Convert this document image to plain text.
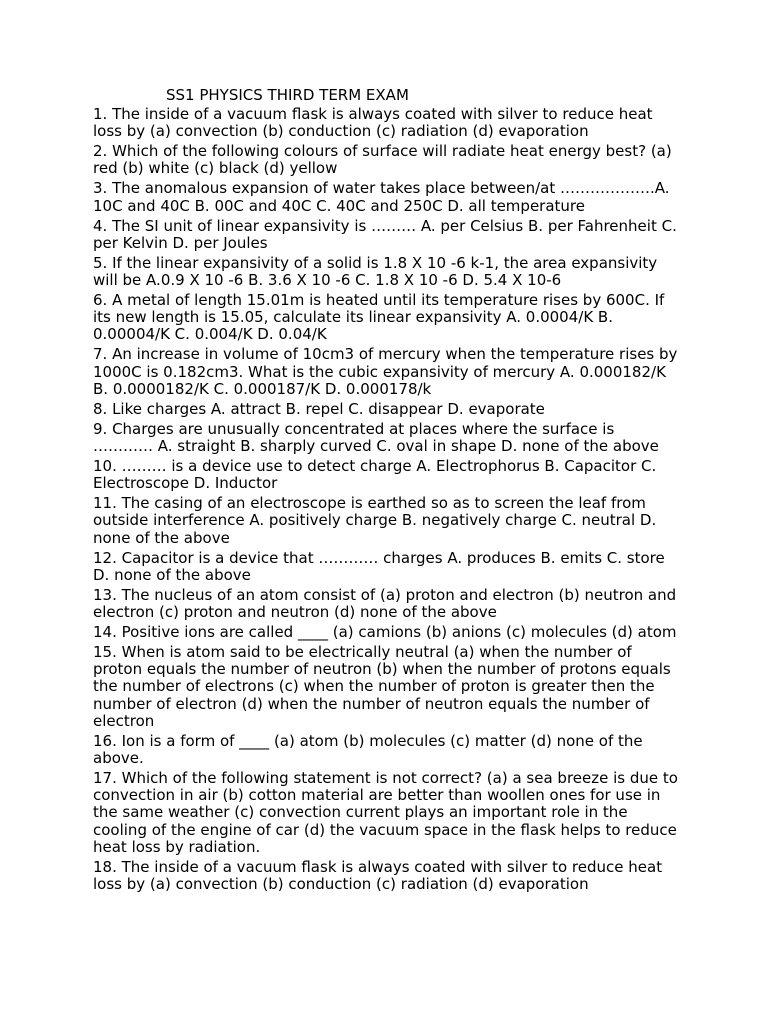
SS1 PHYSICS THIRD TERM EXAM

1. The inside of a vacuum flask is always coated with silver to reduce heat loss by (a) convection (b) conduction (c) radiation (d) evaporation

2. Which of the following colours of surface will radiate heat energy best? (a) red (b) white (c) black (d) yellow

3. The anomalous expansion of water takes place between/at ……………….A. 10C and 40C B. 00C and 40C C. 40C and 250C D. all temperature

4. The SI unit of linear expansivity is ……… A. per Celsius B. per Fahrenheit C. per Kelvin D. per Joules

5. If the linear expansivity of a solid is 1.8 X 10 -6 k-1, the area expansivity will be A.0.9 X 10 -6 B. 3.6 X 10 -6 C. 1.8 X 10 -6 D. 5.4 X 10-6

6. A metal of length 15.01m is heated until its temperature rises by 600C. If its new length is 15.05, calculate its linear expansivity A. 0.0004/K B. 0.00004/K C. 0.004/K D. 0.04/K

7. An increase in volume of 10cm3 of mercury when the temperature rises by 1000C is 0.182cm3. What is the cubic expansivity of mercury A. 0.000182/K B. 0.0000182/K C. 0.000187/K D. 0.000178/k

8. Like charges A. attract B. repel C. disappear D. evaporate

9. Charges are unusually concentrated at places where the surface is ………… A. straight B. sharply curved C. oval in shape D. none of the above

10. ……… is a device use to detect charge A. Electrophorus B. Capacitor C. Electroscope D. Inductor

11. The casing of an electroscope is earthed so as to screen the leaf from outside interference A. positively charge B. negatively charge C. neutral D. none of the above

12. Capacitor is a device that ………… charges A. produces B. emits C. store D. none of the above

13. The nucleus of an atom consist of (a) proton and electron (b) neutron and electron (c) proton and neutron (d) none of the above

14. Positive ions are called ____ (a) camions (b) anions (c) molecules (d) atom

15. When is atom said to be electrically neutral (a) when the number of proton equals the number of neutron (b) when the number of protons equals the number of electrons (c) when the number of proton is greater then the number of electron (d) when the number of neutron equals the number of electron

16. Ion is a form of ____ (a) atom (b) molecules (c) matter (d) none of the above.

17. Which of the following statement is not correct? (a) a sea breeze is due to convection in air (b) cotton material are better than woollen ones for use in the same weather (c) convection current plays an important role in the cooling of the engine of car (d) the vacuum space in the flask helps to reduce heat loss by radiation.

18. The inside of a vacuum flask is always coated with silver to reduce heat loss by (a) convection (b) conduction (c) radiation (d) evaporation
